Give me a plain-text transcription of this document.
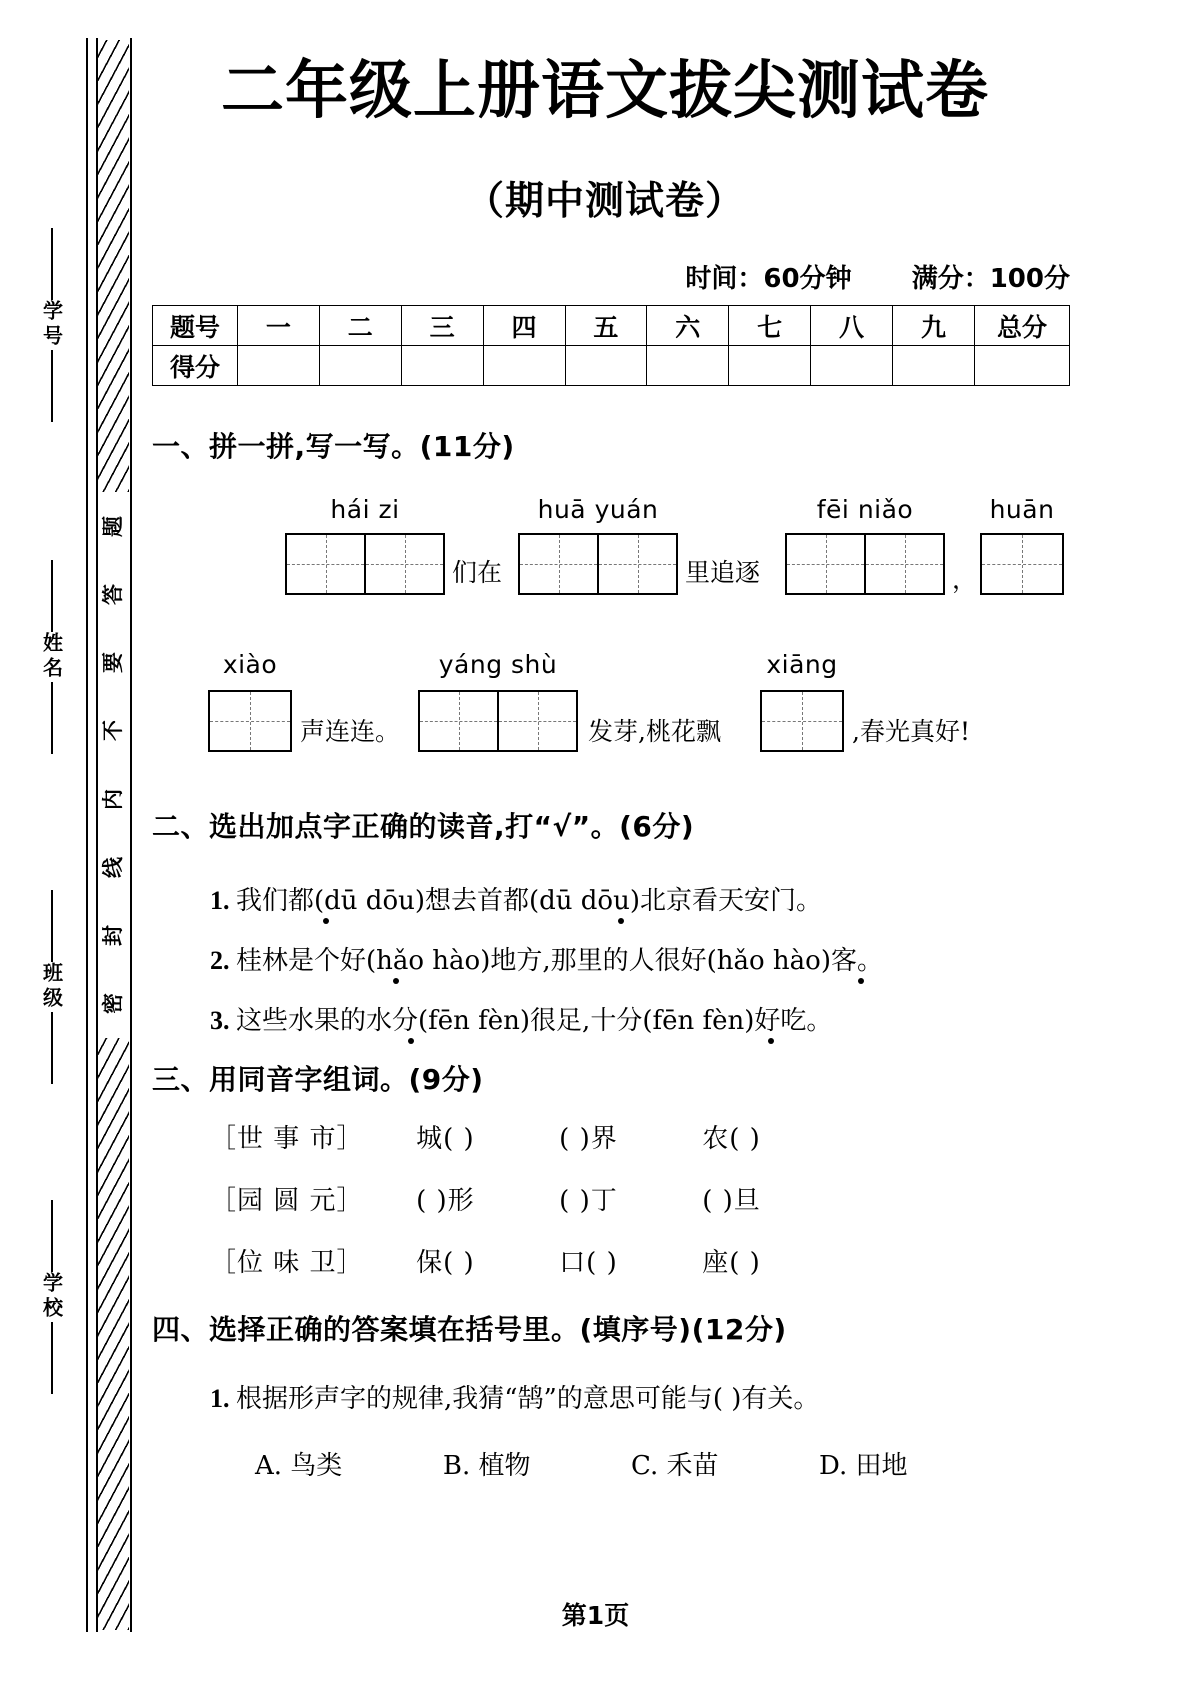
题
答
要
不
内
线
封
密
学号
姓名
班级
学校
二年级上册语文拔尖测试卷
（期中测试卷）
时间：60分钟 满分：100分
题号	一	二	三	四	五	六	七	八	九	总分
得分										
一、拼一拼,写一写。(11分)
hái zi
们在
huā yuán
里追逐
fēi niǎo
，
huān
xiào
声连连。
yáng shù
发芽,桃花飘
xiāng
,春光真好!
二、选出加点字正确的读音,打“√”。(6分)
1. 我们都(dū dōu)想去首都(dū dōu)北京看天安门。
2. 桂林是个好(hǎo hào)地方,那里的人很好(hǎo hào)客。
3. 这些水果的水分(fēn fèn)很足,十分(fēn fèn)好吃。
三、用同音字组词。(9分)
［世 事 市］ 城( )	( )界	农( )
［园 圆 元］ ( )形	( )丁	( )旦
［位 味 卫］ 保( )	口( )	座( )
四、选择正确的答案填在括号里。(填序号)(12分)
1. 根据形声字的规律,我猜“鹄”的意思可能与( )有关。
A. 鸟类	B. 植物	C. 禾苗	D. 田地
第1页
